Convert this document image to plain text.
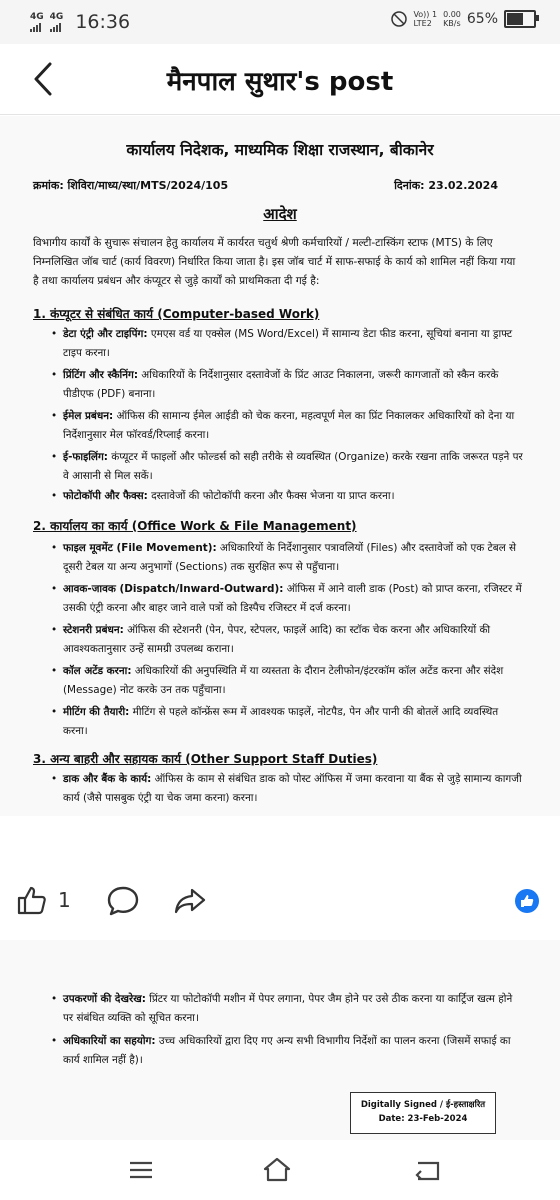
4G 4G 16:36	Vo)) 1
LTE2
0.00
KB/s 65%
मैनपाल सुथार's post
कार्यालय निदेशक, माध्यमिक शिक्षा राजस्थान, बीकानेर
क्रमांक: शिविरा/माध्य/स्था/MTS/2024/105	दिनांक: 23.02.2024
आदेश
विभागीय कार्यों के सुचारू संचालन हेतु कार्यालय में कार्यरत चतुर्थ श्रेणी कर्मचारियों / मल्टी-टास्किंग स्टाफ (MTS) के लिए निम्नलिखित जॉब चार्ट (कार्य विवरण) निर्धारित किया जाता है। इस जॉब चार्ट में साफ-सफाई के कार्य को शामिल नहीं किया गया है तथा कार्यालय प्रबंधन और कंप्यूटर से जुड़े कार्यों को प्राथमिकता दी गई है:
1. कंप्यूटर से संबंधित कार्य (Computer-based Work)
• डेटा एंट्री और टाइपिंग: एमएस वर्ड या एक्सेल (MS Word/Excel) में सामान्य डेटा फीड करना, सूचियां बनाना या ड्राफ्ट टाइप करना।
• प्रिंटिंग और स्कैनिंग: अधिकारियों के निर्देशानुसार दस्तावेजों के प्रिंट आउट निकालना, जरूरी कागजातों को स्कैन करके पीडीएफ (PDF) बनाना।
• ईमेल प्रबंधन: ऑफिस की सामान्य ईमेल आईडी को चेक करना, महत्वपूर्ण मेल का प्रिंट निकालकर अधिकारियों को देना या निर्देशानुसार मेल फॉरवर्ड/रिप्लाई करना।
• ई-फाइलिंग: कंप्यूटर में फाइलों और फोल्डर्स को सही तरीके से व्यवस्थित (Organize) करके रखना ताकि जरूरत पड़ने पर वे आसानी से मिल सकें।
• फोटोकॉपी और फैक्स: दस्तावेजों की फोटोकॉपी करना और फैक्स भेजना या प्राप्त करना।
2. कार्यालय का कार्य (Office Work & File Management)
• फाइल मूवमेंट (File Movement): अधिकारियों के निर्देशानुसार पत्रावलियों (Files) और दस्तावेजों को एक टेबल से दूसरी टेबल या अन्य अनुभागों (Sections) तक सुरक्षित रूप से पहुँचाना।
• आवक-जावक (Dispatch/Inward-Outward): ऑफिस में आने वाली डाक (Post) को प्राप्त करना, रजिस्टर में उसकी एंट्री करना और बाहर जाने वाले पत्रों को डिस्पैच रजिस्टर में दर्ज करना।
• स्टेशनरी प्रबंधन: ऑफिस की स्टेशनरी (पेन, पेपर, स्टेपलर, फाइलें आदि) का स्टॉक चेक करना और अधिकारियों की आवश्यकतानुसार उन्हें सामग्री उपलब्ध कराना।
• कॉल अटेंड करना: अधिकारियों की अनुपस्थिति में या व्यस्तता के दौरान टेलीफोन/इंटरकॉम कॉल अटेंड करना और संदेश (Message) नोट करके उन तक पहुँचाना।
• मीटिंग की तैयारी: मीटिंग से पहले कॉन्फ्रेंस रूम में आवश्यक फाइलें, नोटपैड, पेन और पानी की बोतलें आदि व्यवस्थित करना।
3. अन्य बाहरी और सहायक कार्य (Other Support Staff Duties)
• डाक और बैंक के कार्य: ऑफिस के काम से संबंधित डाक को पोस्ट ऑफिस में जमा करवाना या बैंक से जुड़े सामान्य कागजी कार्य (जैसे पासबुक एंट्री या चेक जमा करना) करना।
1
• उपकरणों की देखरेख: प्रिंटर या फोटोकॉपी मशीन में पेपर लगाना, पेपर जैम होने पर उसे ठीक करना या कार्ट्रिज खत्म होने पर संबंधित व्यक्ति को सूचित करना।
• अधिकारियों का सहयोग: उच्च अधिकारियों द्वारा दिए गए अन्य सभी विभागीय निर्देशों का पालन करना (जिसमें सफाई का कार्य शामिल नहीं है)।
Digitally Signed / ई-हस्ताक्षरित
Date: 23-Feb-2024
